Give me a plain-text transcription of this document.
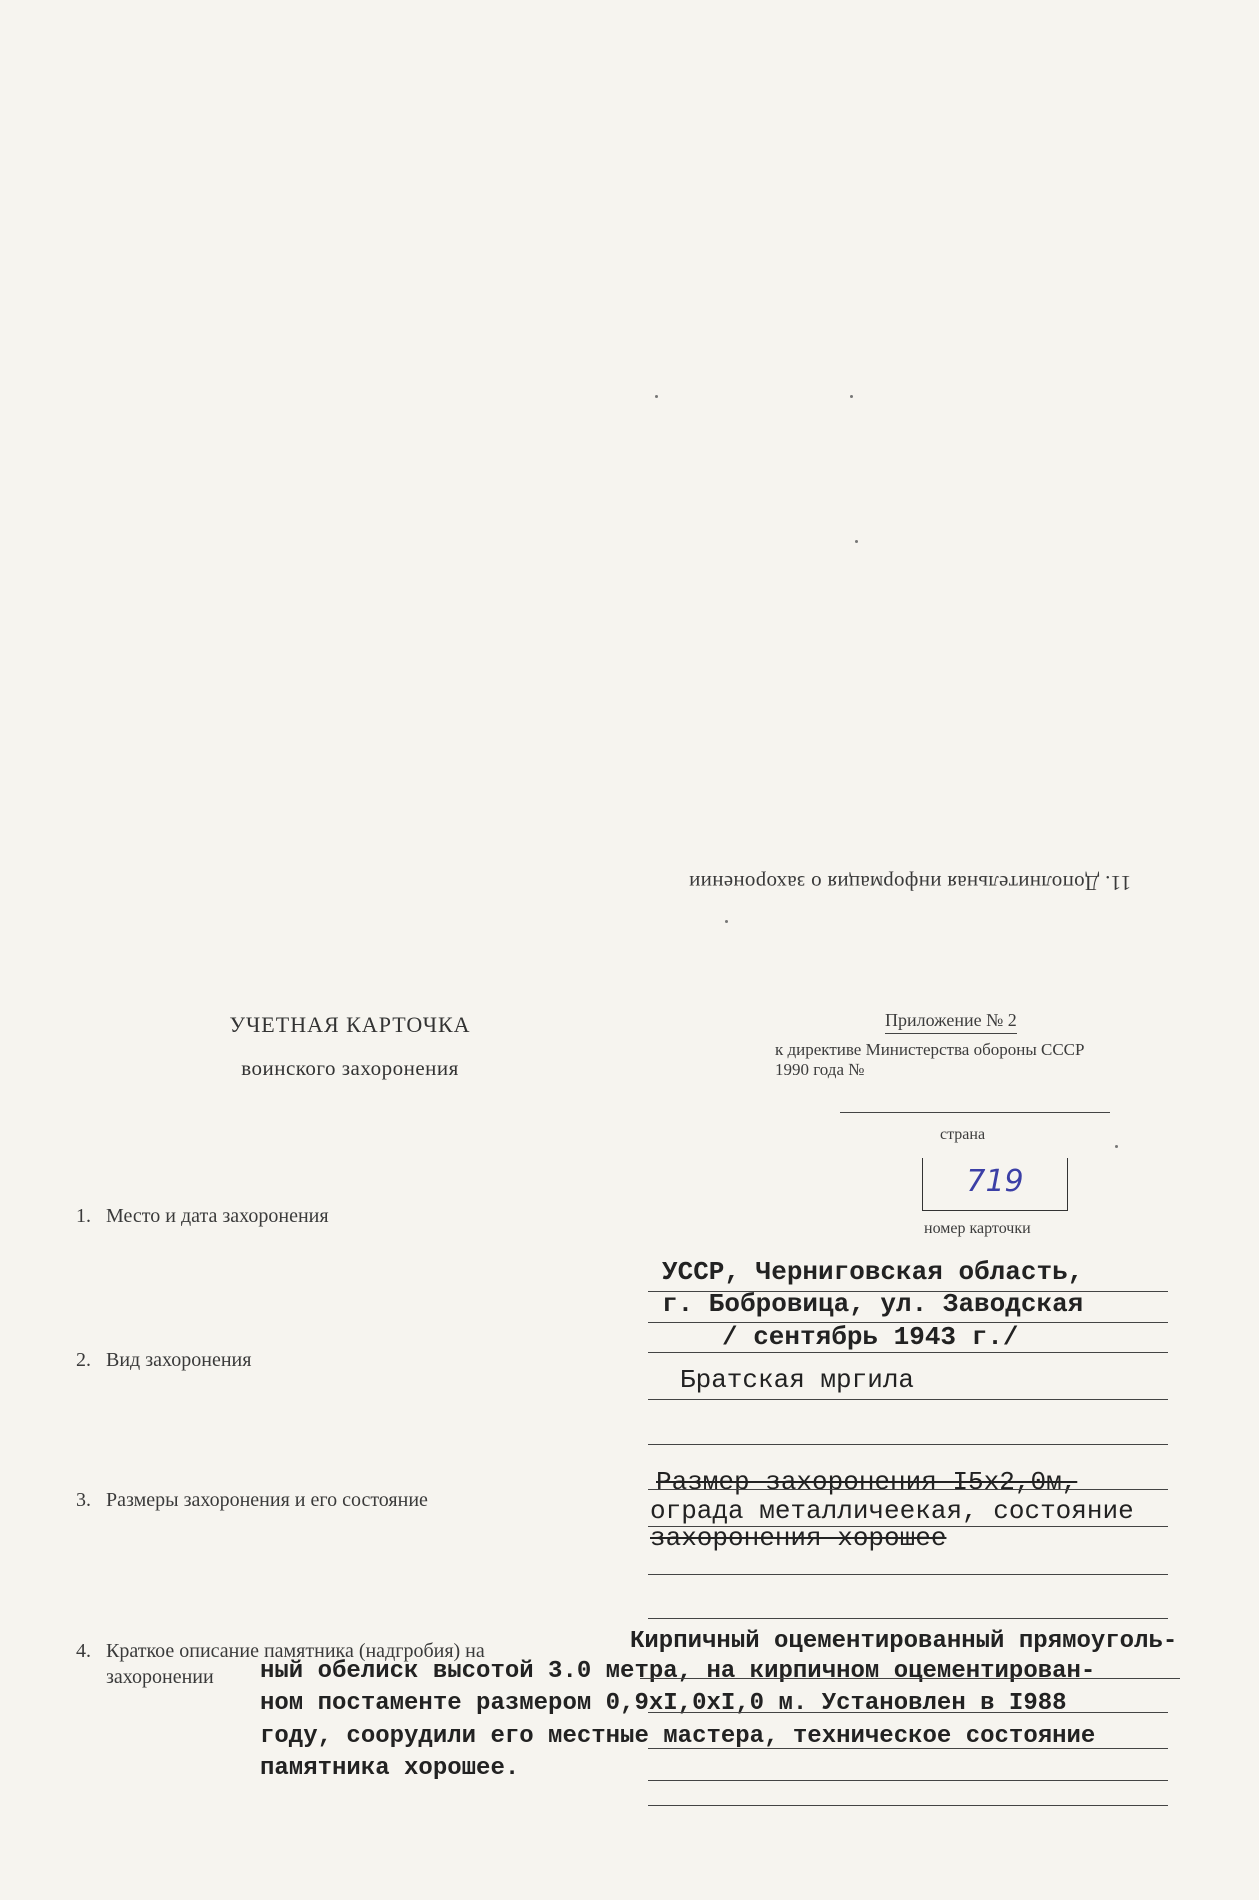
11. Дополнительная информация о захоронении
УЧЕТНАЯ КАРТОЧКА
воинского захоронения
Приложение № 2
к директиве Министерства обороны СССР
1990 года №
страна
719
номер карточки
1. Место и дата захоронения
УССР, Черниговская область,
г. Бобровица, ул. Заводская
/ сентябрь 1943 г./
2. Вид захоронения
Братская мргила
3. Размеры захоронения и его состояние
Размер захоронения I5x2,0м,
ограда металличеекая, состояние
захоронения хорошее
4. Краткое описание памятника (надгробия) на
захоронении
Кирпичный оцементированный прямоуголь-
ный обелиск высотой 3.0 метра, на кирпичном оцементирован-
ном постаменте размером 0,9xI,0xI,0 м. Установлен в I988
году, соорудили его местные мастера, техническое состояние
памятника хорошее.
